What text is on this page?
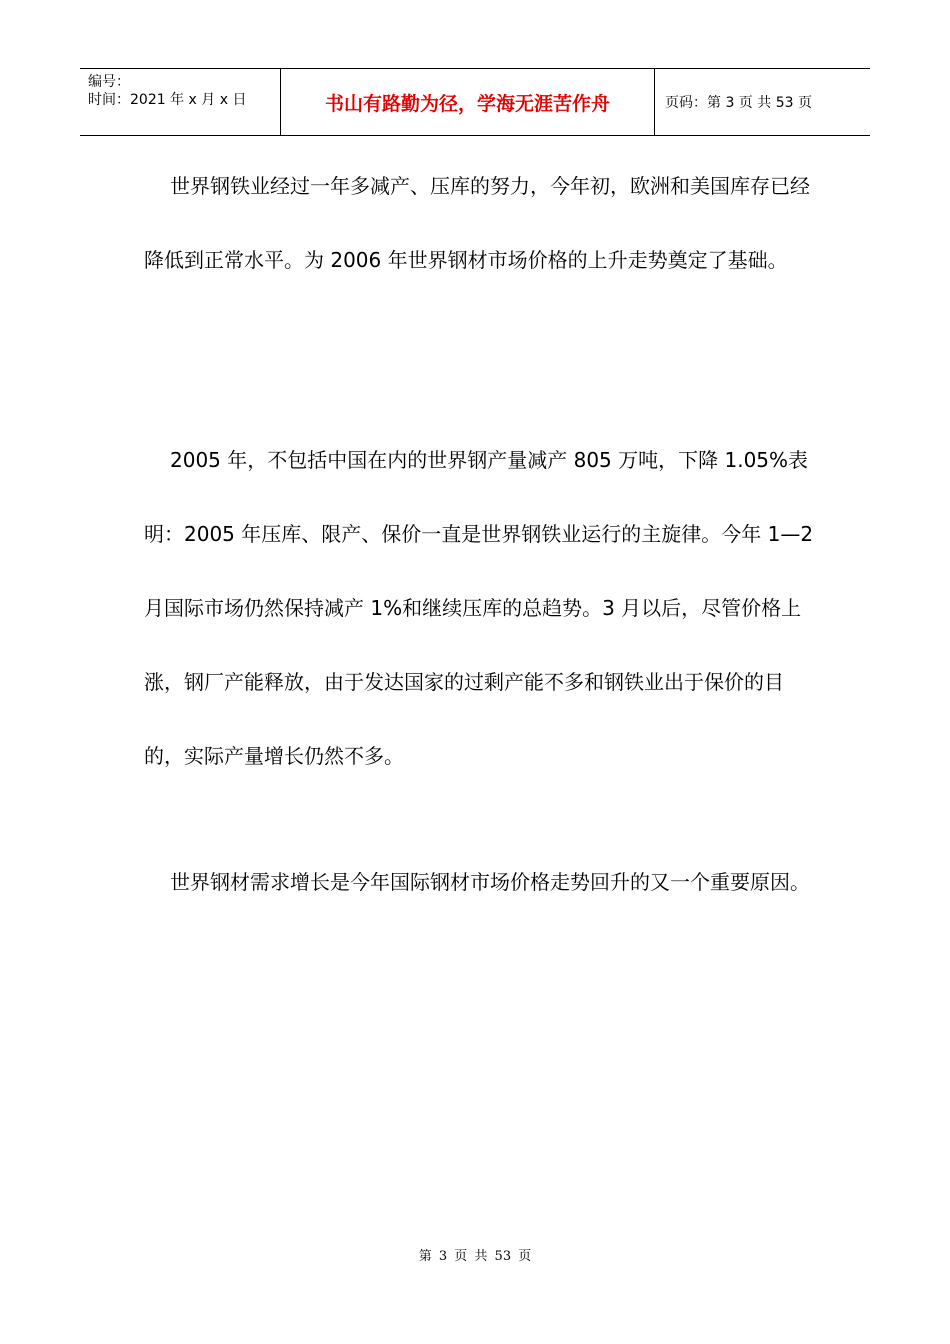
编号：
时间：2021 年 x 月 x 日	书山有路勤为径，学海无涯苦作舟	页码：第 3 页 共 53 页

世界钢铁业经过一年多减产、压库的努力，今年初，欧洲和美国库存已经降低到正常水平。为 2006 年世界钢材市场价格的上升走势奠定了基础。

2005 年，不包括中国在内的世界钢产量减产 805 万吨，下降 1.05%表明：2005 年压库、限产、保价一直是世界钢铁业运行的主旋律。今年 1—2 月国际市场仍然保持减产 1%和继续压库的总趋势。3 月以后，尽管价格上涨，钢厂产能释放，由于发达国家的过剩产能不多和钢铁业出于保价的目的，实际产量增长仍然不多。

世界钢材需求增长是今年国际钢材市场价格走势回升的又一个重要原因。

第 3 页 共 53 页
